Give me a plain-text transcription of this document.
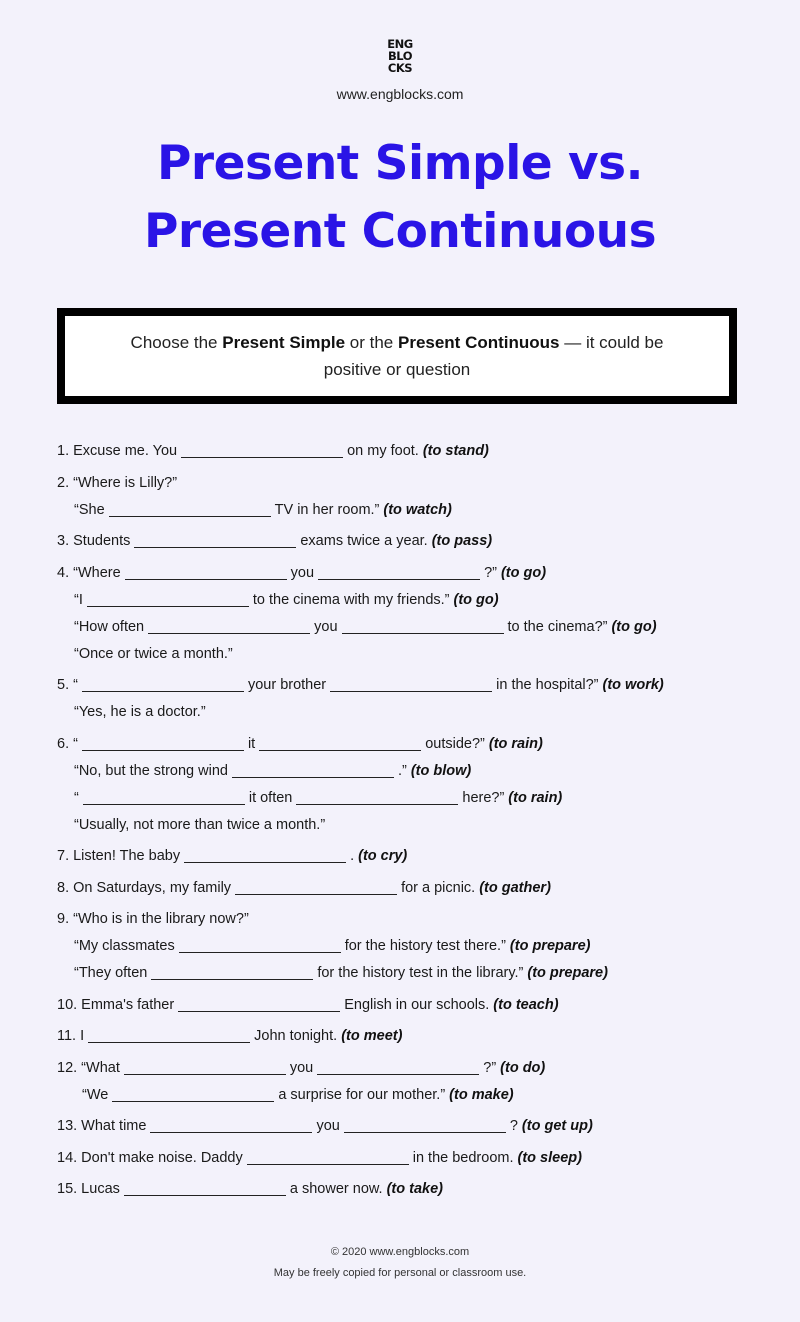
ENG
BLO
CKS
www.engblocks.com
Present Simple vs.
Present Continuous
Choose the Present Simple or the Present Continuous — it could be positive or question
1. Excuse me. You	on my foot. (to stand)
2. “Where is Lilly?”
“She	TV in her room.” (to watch)
3. Students	exams twice a year. (to pass)
4. “Where	you	?” (to go)
“I	to the cinema with my friends.” (to go)
“How often	you	to the cinema?” (to go)
“Once or twice a month.”
5. “	your brother	in the hospital?” (to work)
“Yes, he is a doctor.”
6. “	it	outside?” (to rain)
“No, but the strong wind	.” (to blow)
“	it often	here?” (to rain)
“Usually, not more than twice a month.”
7. Listen! The baby	. (to cry)
8. On Saturdays, my family	for a picnic. (to gather)
9. “Who is in the library now?”
“My classmates	for the history test there.” (to prepare)
“They often	for the history test in the library.” (to prepare)
10. Emma's father	English in our schools. (to teach)
11. I	John tonight. (to meet)
12. “What	you	?” (to do)
“We	a surprise for our mother.” (to make)
13. What time	you	? (to get up)
14. Don't make noise. Daddy	in the bedroom. (to sleep)
15. Lucas	a shower now. (to take)
© 2020 www.engblocks.com
May be freely copied for personal or classroom use.
